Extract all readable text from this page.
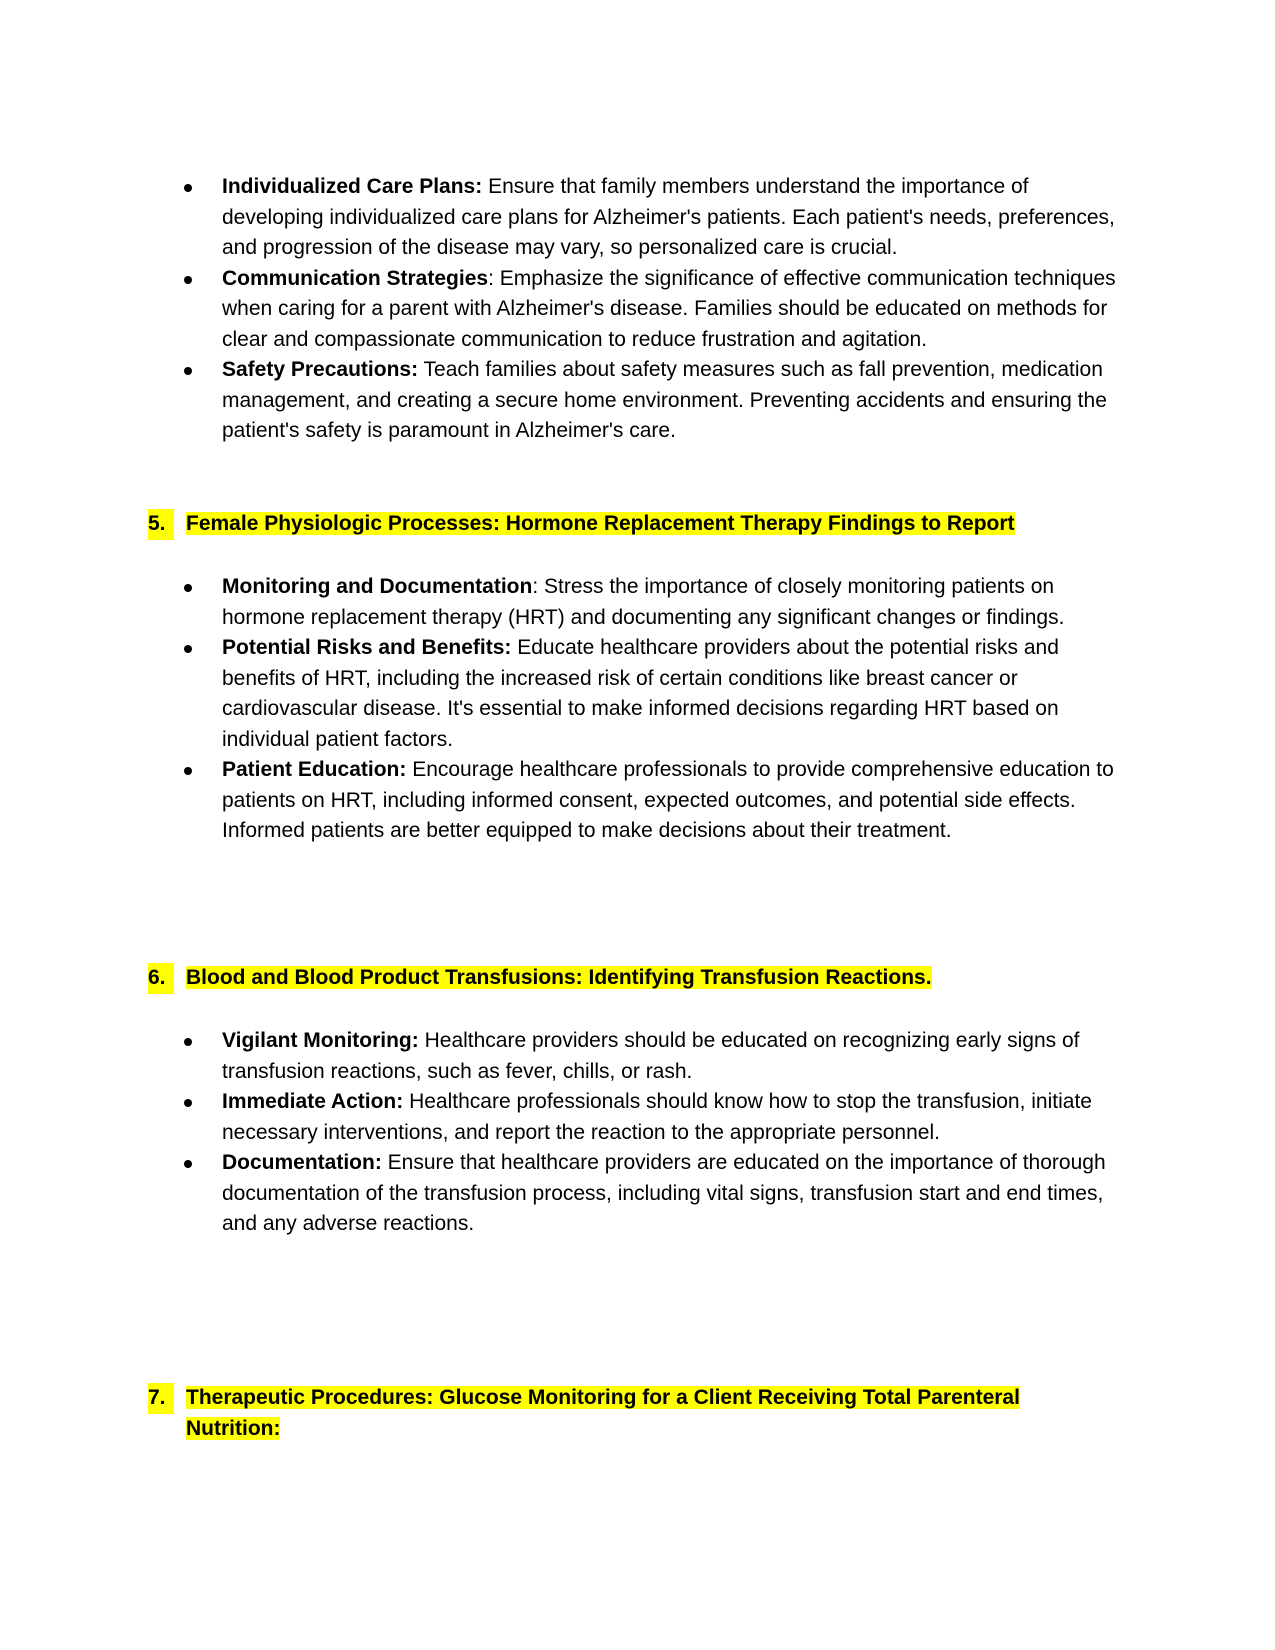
Individualized Care Plans: Ensure that family members understand the importance of developing individualized care plans for Alzheimer's patients. Each patient's needs, preferences, and progression of the disease may vary, so personalized care is crucial.
Communication Strategies: Emphasize the significance of effective communication techniques when caring for a parent with Alzheimer's disease. Families should be educated on methods for clear and compassionate communication to reduce frustration and agitation.
Safety Precautions: Teach families about safety measures such as fall prevention, medication management, and creating a secure home environment. Preventing accidents and ensuring the patient's safety is paramount in Alzheimer's care.
5. Female Physiologic Processes: Hormone Replacement Therapy Findings to Report
Monitoring and Documentation: Stress the importance of closely monitoring patients on hormone replacement therapy (HRT) and documenting any significant changes or findings.
Potential Risks and Benefits: Educate healthcare providers about the potential risks and benefits of HRT, including the increased risk of certain conditions like breast cancer or cardiovascular disease. It's essential to make informed decisions regarding HRT based on individual patient factors.
Patient Education: Encourage healthcare professionals to provide comprehensive education to patients on HRT, including informed consent, expected outcomes, and potential side effects. Informed patients are better equipped to make decisions about their treatment.
6. Blood and Blood Product Transfusions: Identifying Transfusion Reactions.
Vigilant Monitoring: Healthcare providers should be educated on recognizing early signs of transfusion reactions, such as fever, chills, or rash.
Immediate Action: Healthcare professionals should know how to stop the transfusion, initiate necessary interventions, and report the reaction to the appropriate personnel.
Documentation: Ensure that healthcare providers are educated on the importance of thorough documentation of the transfusion process, including vital signs, transfusion start and end times, and any adverse reactions.
7. Therapeutic Procedures: Glucose Monitoring for a Client Receiving Total Parenteral Nutrition:
